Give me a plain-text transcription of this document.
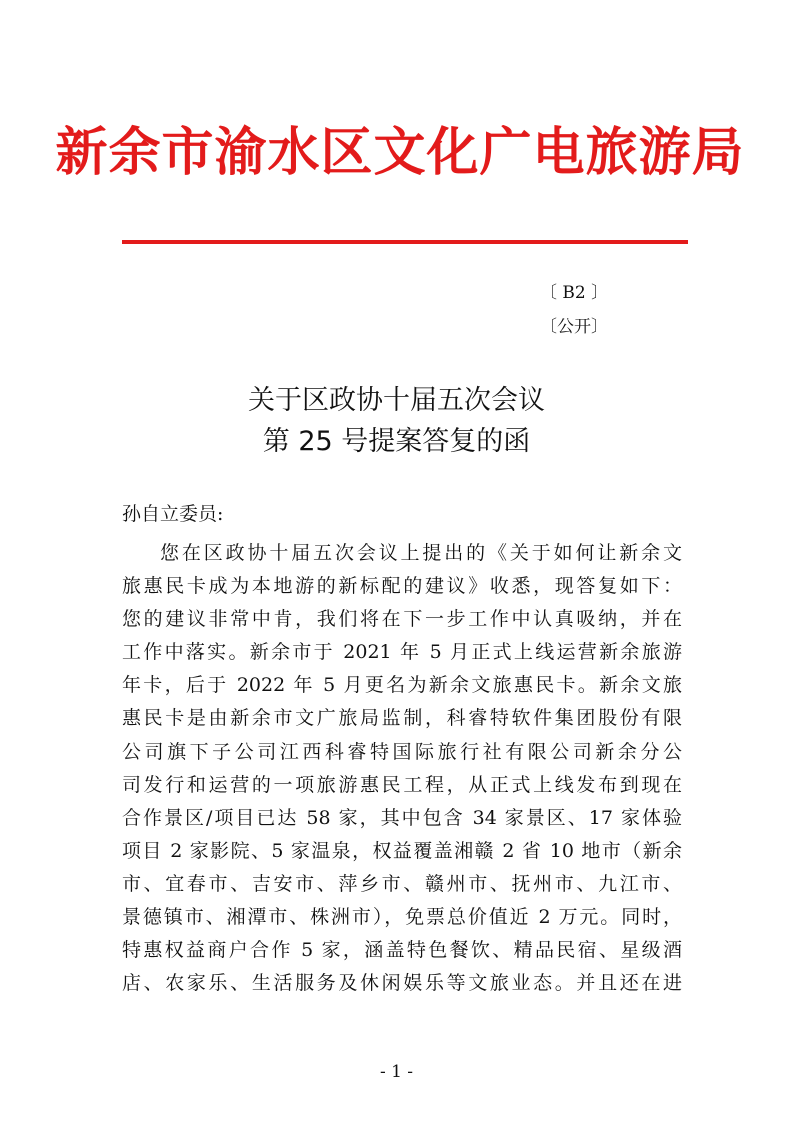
新余市渝水区文化广电旅游局
〔 B2 〕
〔公开〕
关于区政协十届五次会议
第 25 号提案答复的函
孙自立委员:
您在区政协十届五次会议上提出的《关于如何让新余文
旅惠民卡成为本地游的新标配的建议》收悉，现答复如下：
您的建议非常中肯，我们将在下一步工作中认真吸纳，并在
工作中落实。新余市于 2021 年 5 月正式上线运营新余旅游
年卡，后于 2022 年 5 月更名为新余文旅惠民卡。新余文旅
惠民卡是由新余市文广旅局监制，科睿特软件集团股份有限
公司旗下子公司江西科睿特国际旅行社有限公司新余分公
司发行和运营的一项旅游惠民工程，从正式上线发布到现在
合作景区/项目已达 58 家，其中包含 34 家景区、17 家体验
项目 2 家影院、5 家温泉，权益覆盖湘赣 2 省 10 地市（新余
市、宜春市、吉安市、萍乡市、赣州市、抚州市、九江市、
景德镇市、湘潭市、株洲市），免票总价值近 2 万元。同时，
特惠权益商户合作 5 家，涵盖特色餐饮、精品民宿、星级酒
店、农家乐、生活服务及休闲娱乐等文旅业态。并且还在进
- 1 -
